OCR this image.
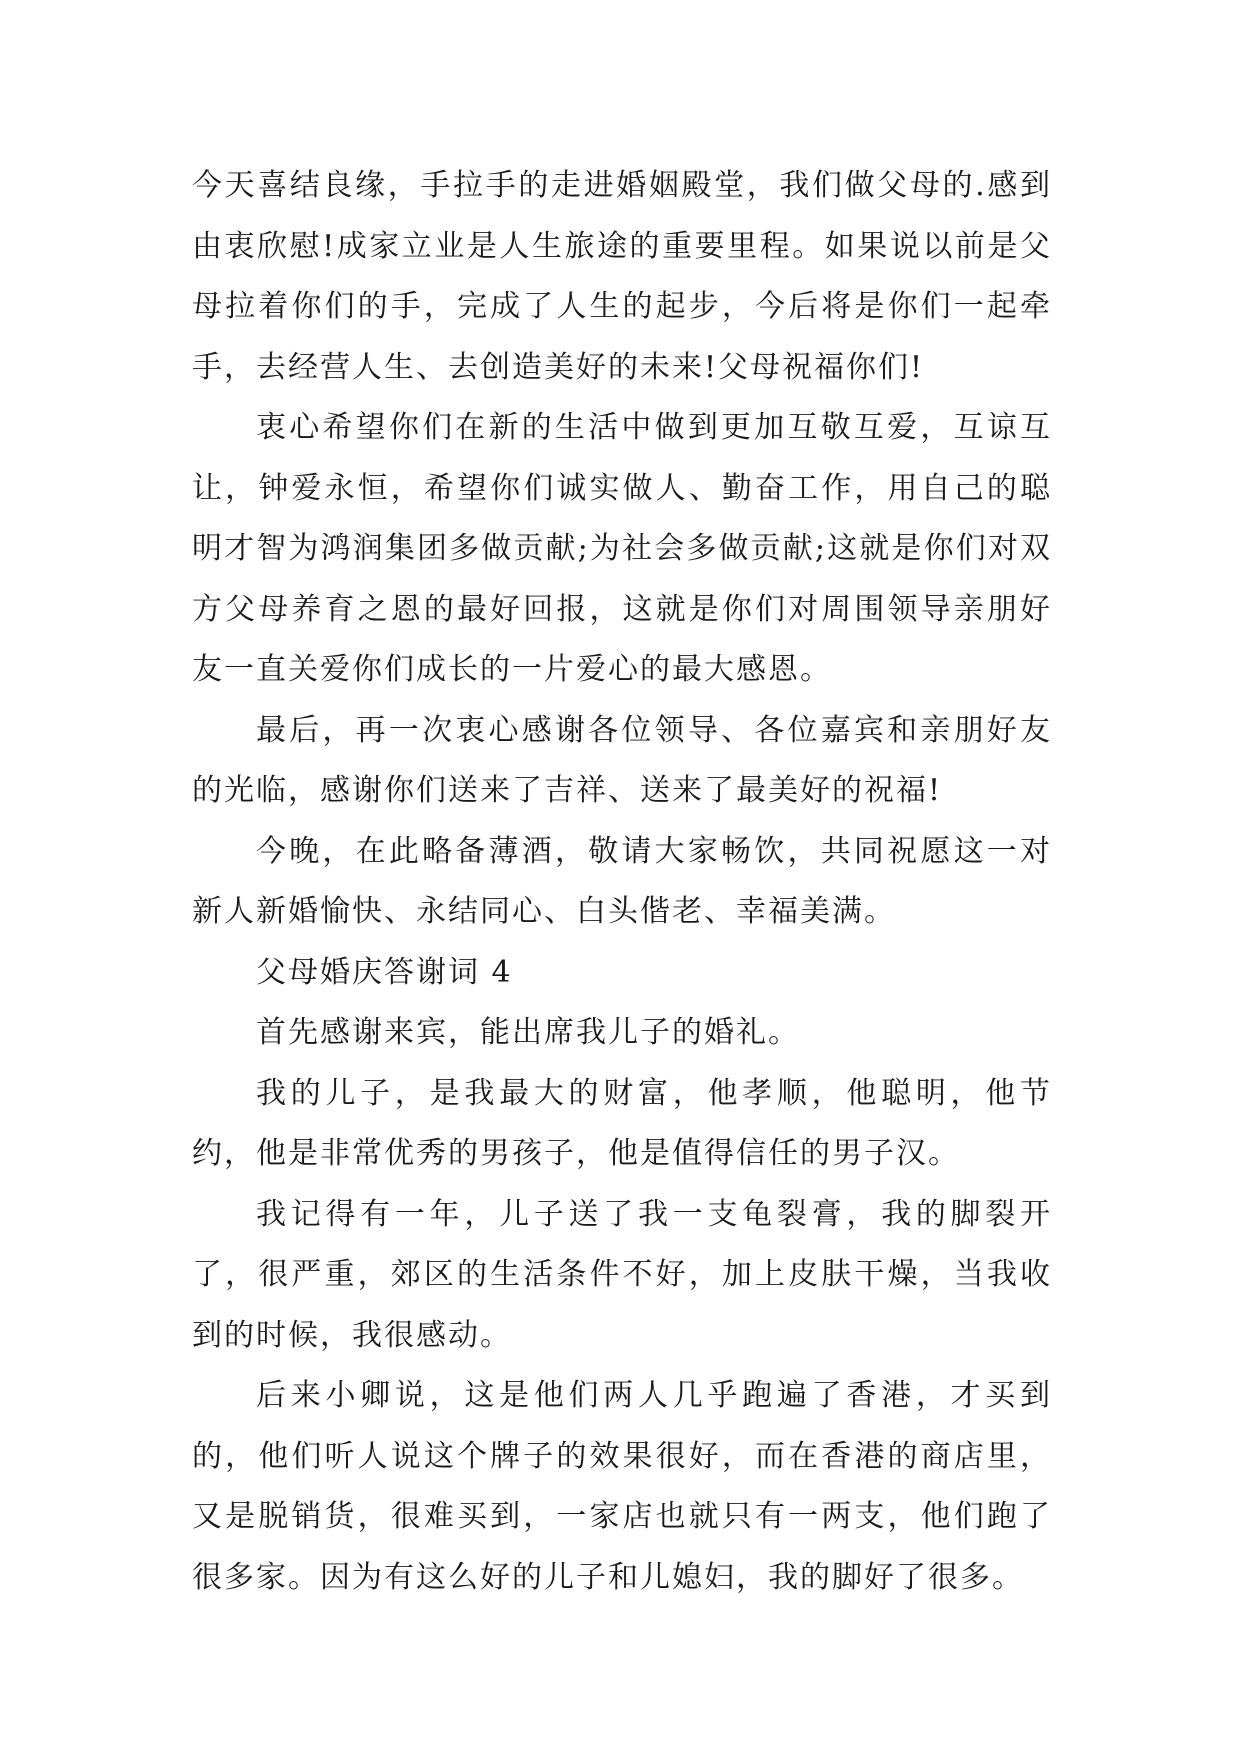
今天喜结良缘，手拉手的走进婚姻殿堂，我们做父母的.感到由衷欣慰!成家立业是人生旅途的重要里程。如果说以前是父母拉着你们的手，完成了人生的起步，今后将是你们一起牵手，去经营人生、去创造美好的未来!父母祝福你们!

衷心希望你们在新的生活中做到更加互敬互爱，互谅互让，钟爱永恒，希望你们诚实做人、勤奋工作，用自己的聪明才智为鸿润集团多做贡献;为社会多做贡献;这就是你们对双方父母养育之恩的最好回报，这就是你们对周围领导亲朋好友一直关爱你们成长的一片爱心的最大感恩。

最后，再一次衷心感谢各位领导、各位嘉宾和亲朋好友的光临，感谢你们送来了吉祥、送来了最美好的祝福!

今晚，在此略备薄酒，敬请大家畅饮，共同祝愿这一对新人新婚愉快、永结同心、白头偕老、幸福美满。

父母婚庆答谢词 4

首先感谢来宾，能出席我儿子的婚礼。

我的儿子，是我最大的财富，他孝顺，他聪明，他节约，他是非常优秀的男孩子，他是值得信任的男子汉。

我记得有一年，儿子送了我一支龟裂膏，我的脚裂开了，很严重，郊区的生活条件不好，加上皮肤干燥，当我收到的时候，我很感动。

后来小卿说，这是他们两人几乎跑遍了香港，才买到的，他们听人说这个牌子的效果很好，而在香港的商店里，又是脱销货，很难买到，一家店也就只有一两支，他们跑了很多家。因为有这么好的儿子和儿媳妇，我的脚好了很多。
